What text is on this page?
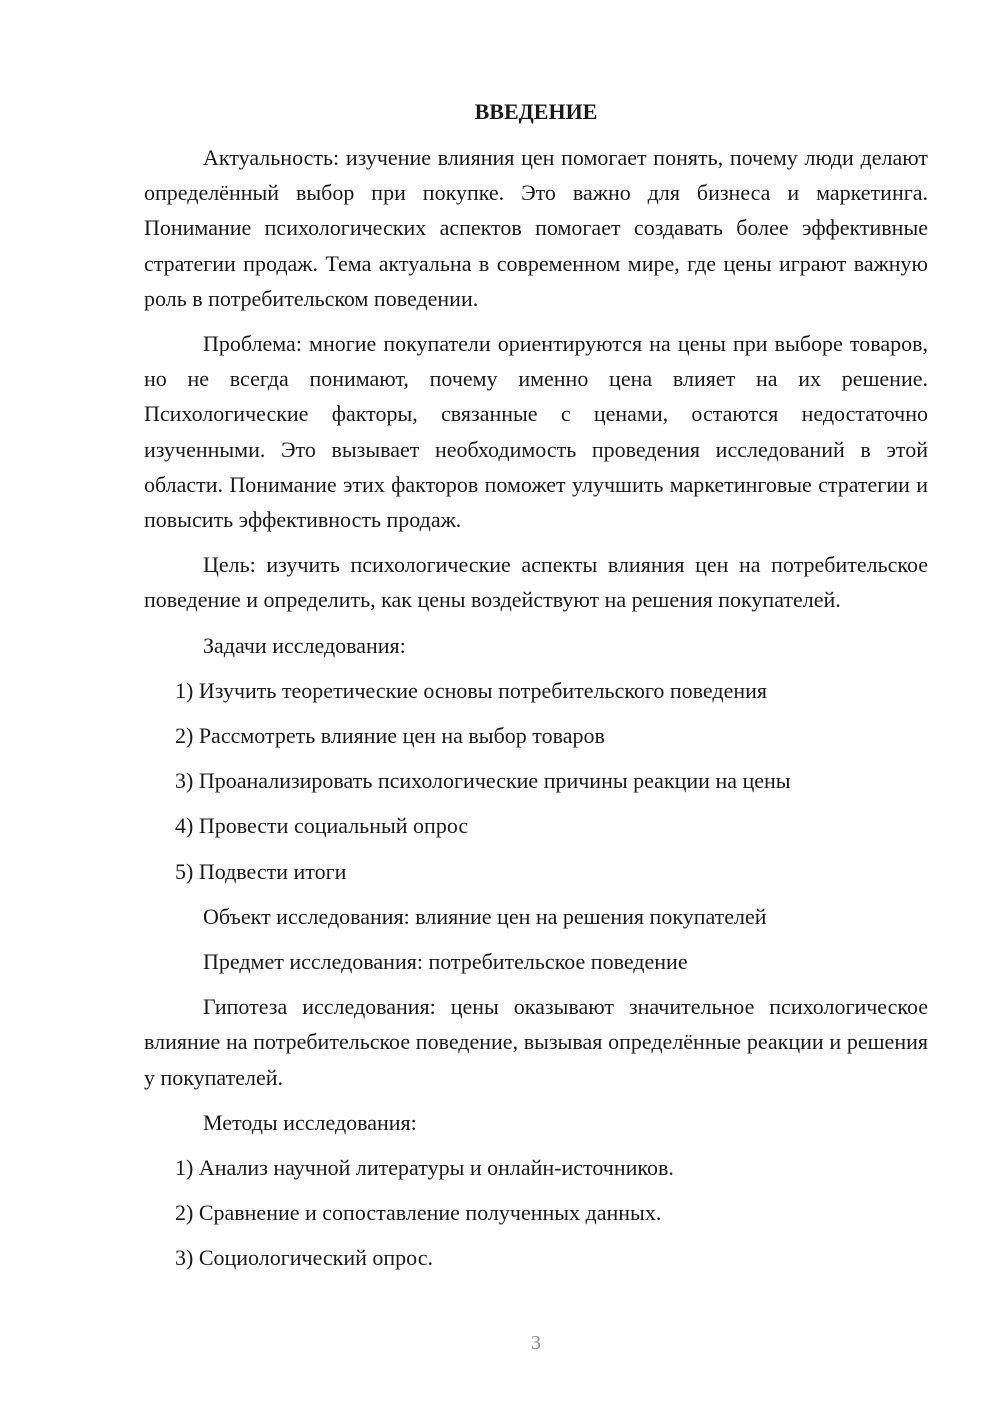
ВВЕДЕНИЕ
Актуальность: изучение влияния цен помогает понять, почему люди делают определённый выбор при покупке. Это важно для бизнеса и маркетинга. Понимание психологических аспектов помогает создавать более эффективные стратегии продаж. Тема актуальна в современном мире, где цены играют важную роль в потребительском поведении.
Проблема: многие покупатели ориентируются на цены при выборе товаров, но не всегда понимают, почему именно цена влияет на их решение. Психологические факторы, связанные с ценами, остаются недостаточно изученными. Это вызывает необходимость проведения исследований в этой области. Понимание этих факторов поможет улучшить маркетинговые стратегии и повысить эффективность продаж.
Цель: изучить психологические аспекты влияния цен на потребительское поведение и определить, как цены воздействуют на решения покупателей.
Задачи исследования:
1) Изучить теоретические основы потребительского поведения
2) Рассмотреть влияние цен на выбор товаров
3) Проанализировать психологические причины реакции на цены
4) Провести социальный опрос
5) Подвести итоги
Объект исследования: влияние цен на решения покупателей
Предмет исследования: потребительское поведение
Гипотеза исследования: цены оказывают значительное психологическое влияние на потребительское поведение, вызывая определённые реакции и решения у покупателей.
Методы исследования:
1) Анализ научной литературы и онлайн-источников.
2) Сравнение и сопоставление полученных данных.
3) Социологический опрос.
3
